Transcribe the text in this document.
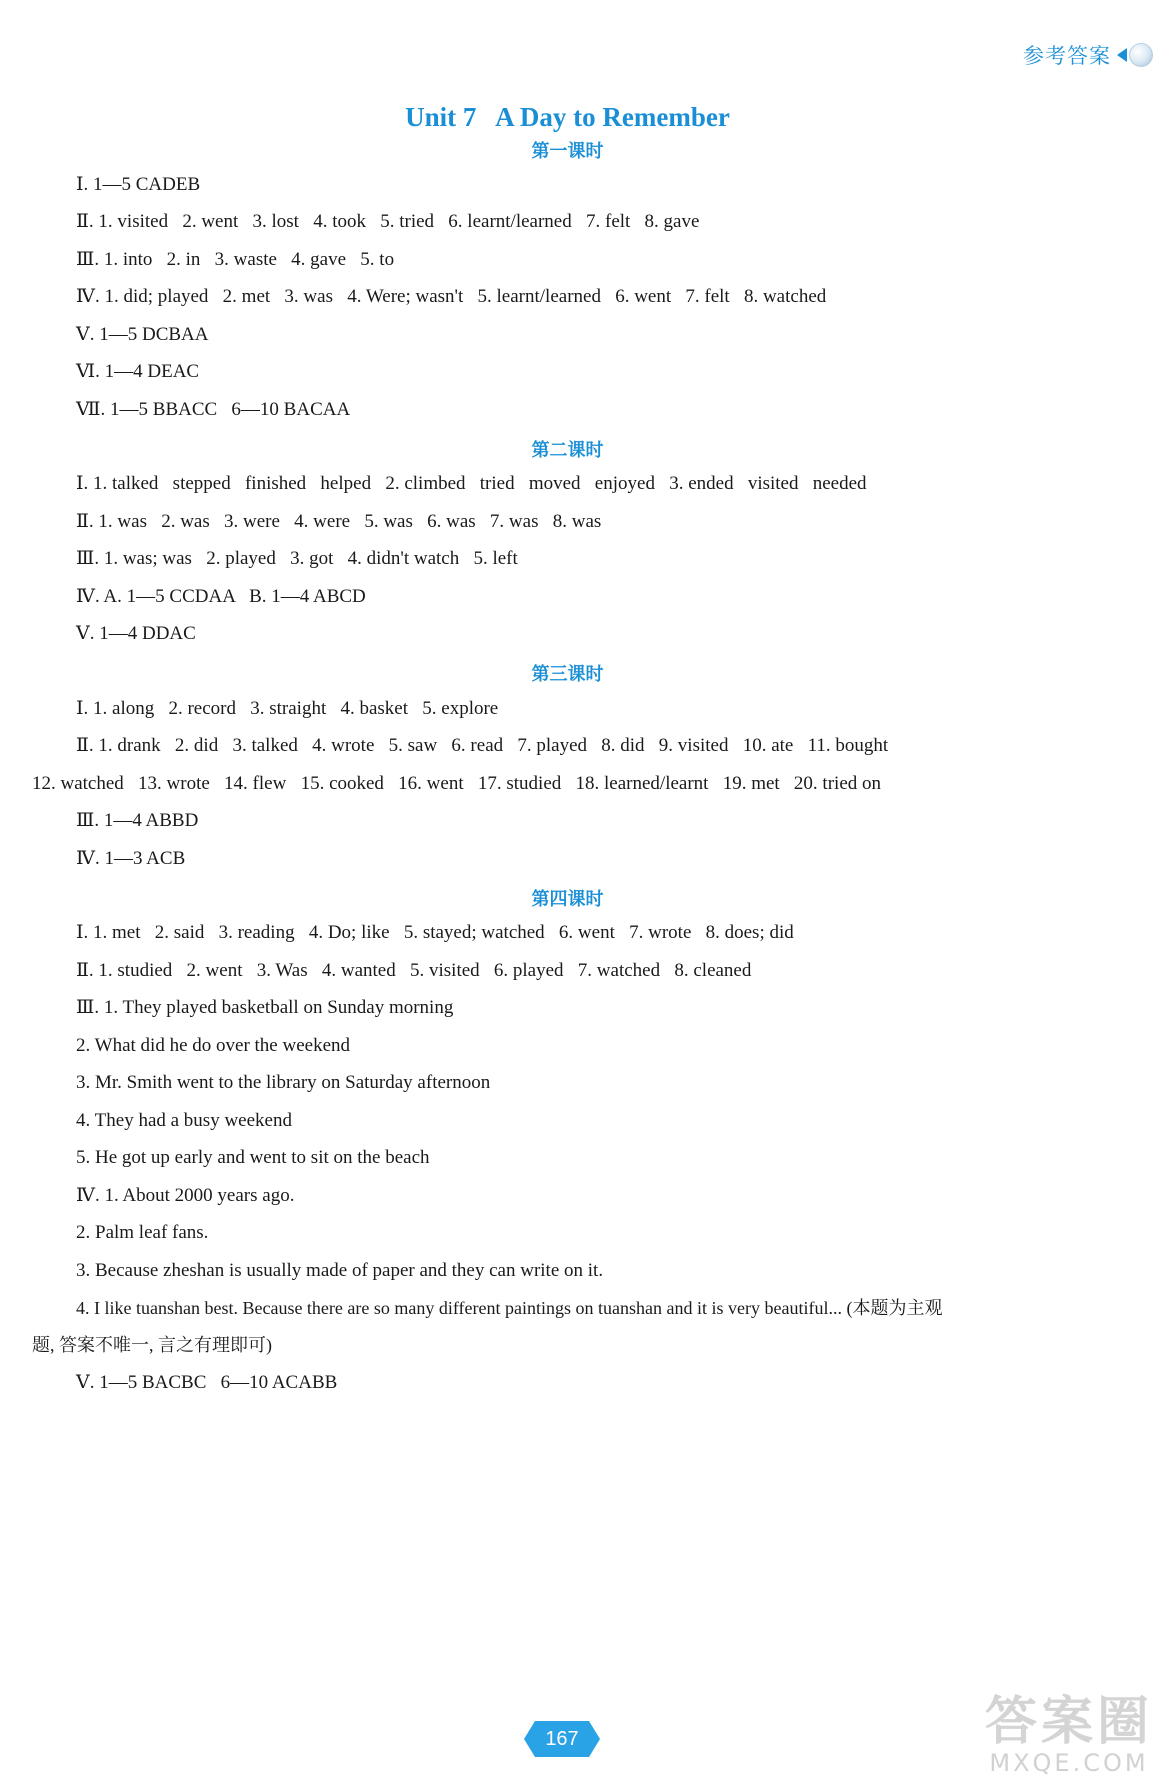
参考答案
Unit 7   A Day to Remember
第一课时
Ⅰ. 1—5 CADEB
Ⅱ. 1. visited   2. went   3. lost   4. took   5. tried   6. learnt/learned   7. felt   8. gave
Ⅲ. 1. into   2. in   3. waste   4. gave   5. to
Ⅳ. 1. did; played   2. met   3. was   4. Were; wasn't   5. learnt/learned   6. went   7. felt   8. watched
Ⅴ. 1—5 DCBAA
Ⅵ. 1—4 DEAC
Ⅶ. 1—5 BBACC   6—10 BACAA
第二课时
Ⅰ. 1. talked   stepped   finished   helped   2. climbed   tried   moved   enjoyed   3. ended   visited   needed
Ⅱ. 1. was   2. was   3. were   4. were   5. was   6. was   7. was   8. was
Ⅲ. 1. was; was   2. played   3. got   4. didn't watch   5. left
Ⅳ. A. 1—5 CCDAA   B. 1—4 ABCD
Ⅴ. 1—4 DDAC
第三课时
Ⅰ. 1. along   2. record   3. straight   4. basket   5. explore
Ⅱ. 1. drank   2. did   3. talked   4. wrote   5. saw   6. read   7. played   8. did   9. visited   10. ate   11. bought
12. watched   13. wrote   14. flew   15. cooked   16. went   17. studied   18. learned/learnt   19. met   20. tried on
Ⅲ. 1—4 ABBD
Ⅳ. 1—3 ACB
第四课时
Ⅰ. 1. met   2. said   3. reading   4. Do; like   5. stayed; watched   6. went   7. wrote   8. does; did
Ⅱ. 1. studied   2. went   3. Was   4. wanted   5. visited   6. played   7. watched   8. cleaned
Ⅲ. 1. They played basketball on Sunday morning
2. What did he do over the weekend
3. Mr. Smith went to the library on Saturday afternoon
4. They had a busy weekend
5. He got up early and went to sit on the beach
Ⅳ. 1. About 2000 years ago.
2. Palm leaf fans.
3. Because zheshan is usually made of paper and they can write on it.
4. I like tuanshan best. Because there are so many different paintings on tuanshan and it is very beautiful... (本题为主观
题, 答案不唯一, 言之有理即可)
Ⅴ. 1—5 BACBC   6—10 ACABB
167	答案圈
MXQE.COM
